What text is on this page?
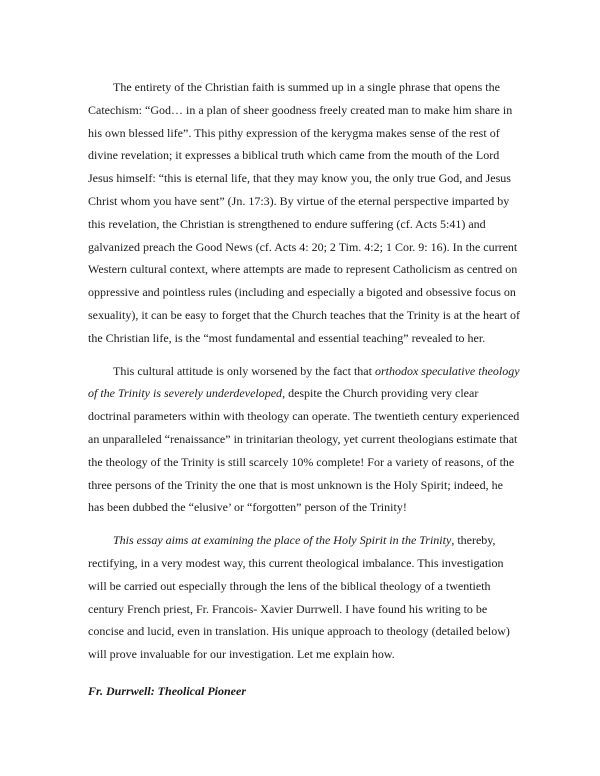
The entirety of the Christian faith is summed up in a single phrase that opens the
Catechism: “God… in a plan of sheer goodness freely created man to make him share in
his own blessed life”. This pithy expression of the kerygma makes sense of the rest of
divine revelation; it expresses a biblical truth which came from the mouth of the Lord
Jesus himself: “this is eternal life, that they may know you, the only true God, and Jesus
Christ whom you have sent” (Jn. 17:3). By virtue of the eternal perspective imparted by
this revelation, the Christian is strengthened to endure suffering (cf. Acts 5:41) and
galvanized preach the Good News (cf. Acts 4: 20; 2 Tim. 4:2; 1 Cor. 9: 16). In the current
Western cultural context, where attempts are made to represent Catholicism as centred on
oppressive and pointless rules (including and especially a bigoted and obsessive focus on
sexuality), it can be easy to forget that the Church teaches that the Trinity is at the heart of
the Christian life, is the “most fundamental and essential teaching” revealed to her.

This cultural attitude is only worsened by the fact that orthodox speculative theology
of the Trinity is severely underdeveloped, despite the Church providing very clear
doctrinal parameters within with theology can operate. The twentieth century experienced
an unparalleled “renaissance” in trinitarian theology, yet current theologians estimate that
the theology of the Trinity is still scarcely 10% complete! For a variety of reasons, of the
three persons of the Trinity the one that is most unknown is the Holy Spirit; indeed, he
has been dubbed the “elusive’ or “forgotten” person of the Trinity!

This essay aims at examining the place of the Holy Spirit in the Trinity, thereby,
rectifying, in a very modest way, this current theological imbalance. This investigation
will be carried out especially through the lens of the biblical theology of a twentieth
century French priest, Fr. Francois- Xavier Durrwell. I have found his writing to be
concise and lucid, even in translation. His unique approach to theology (detailed below)
will prove invaluable for our investigation. Let me explain how.

Fr. Durrwell: Theolical Pioneer
